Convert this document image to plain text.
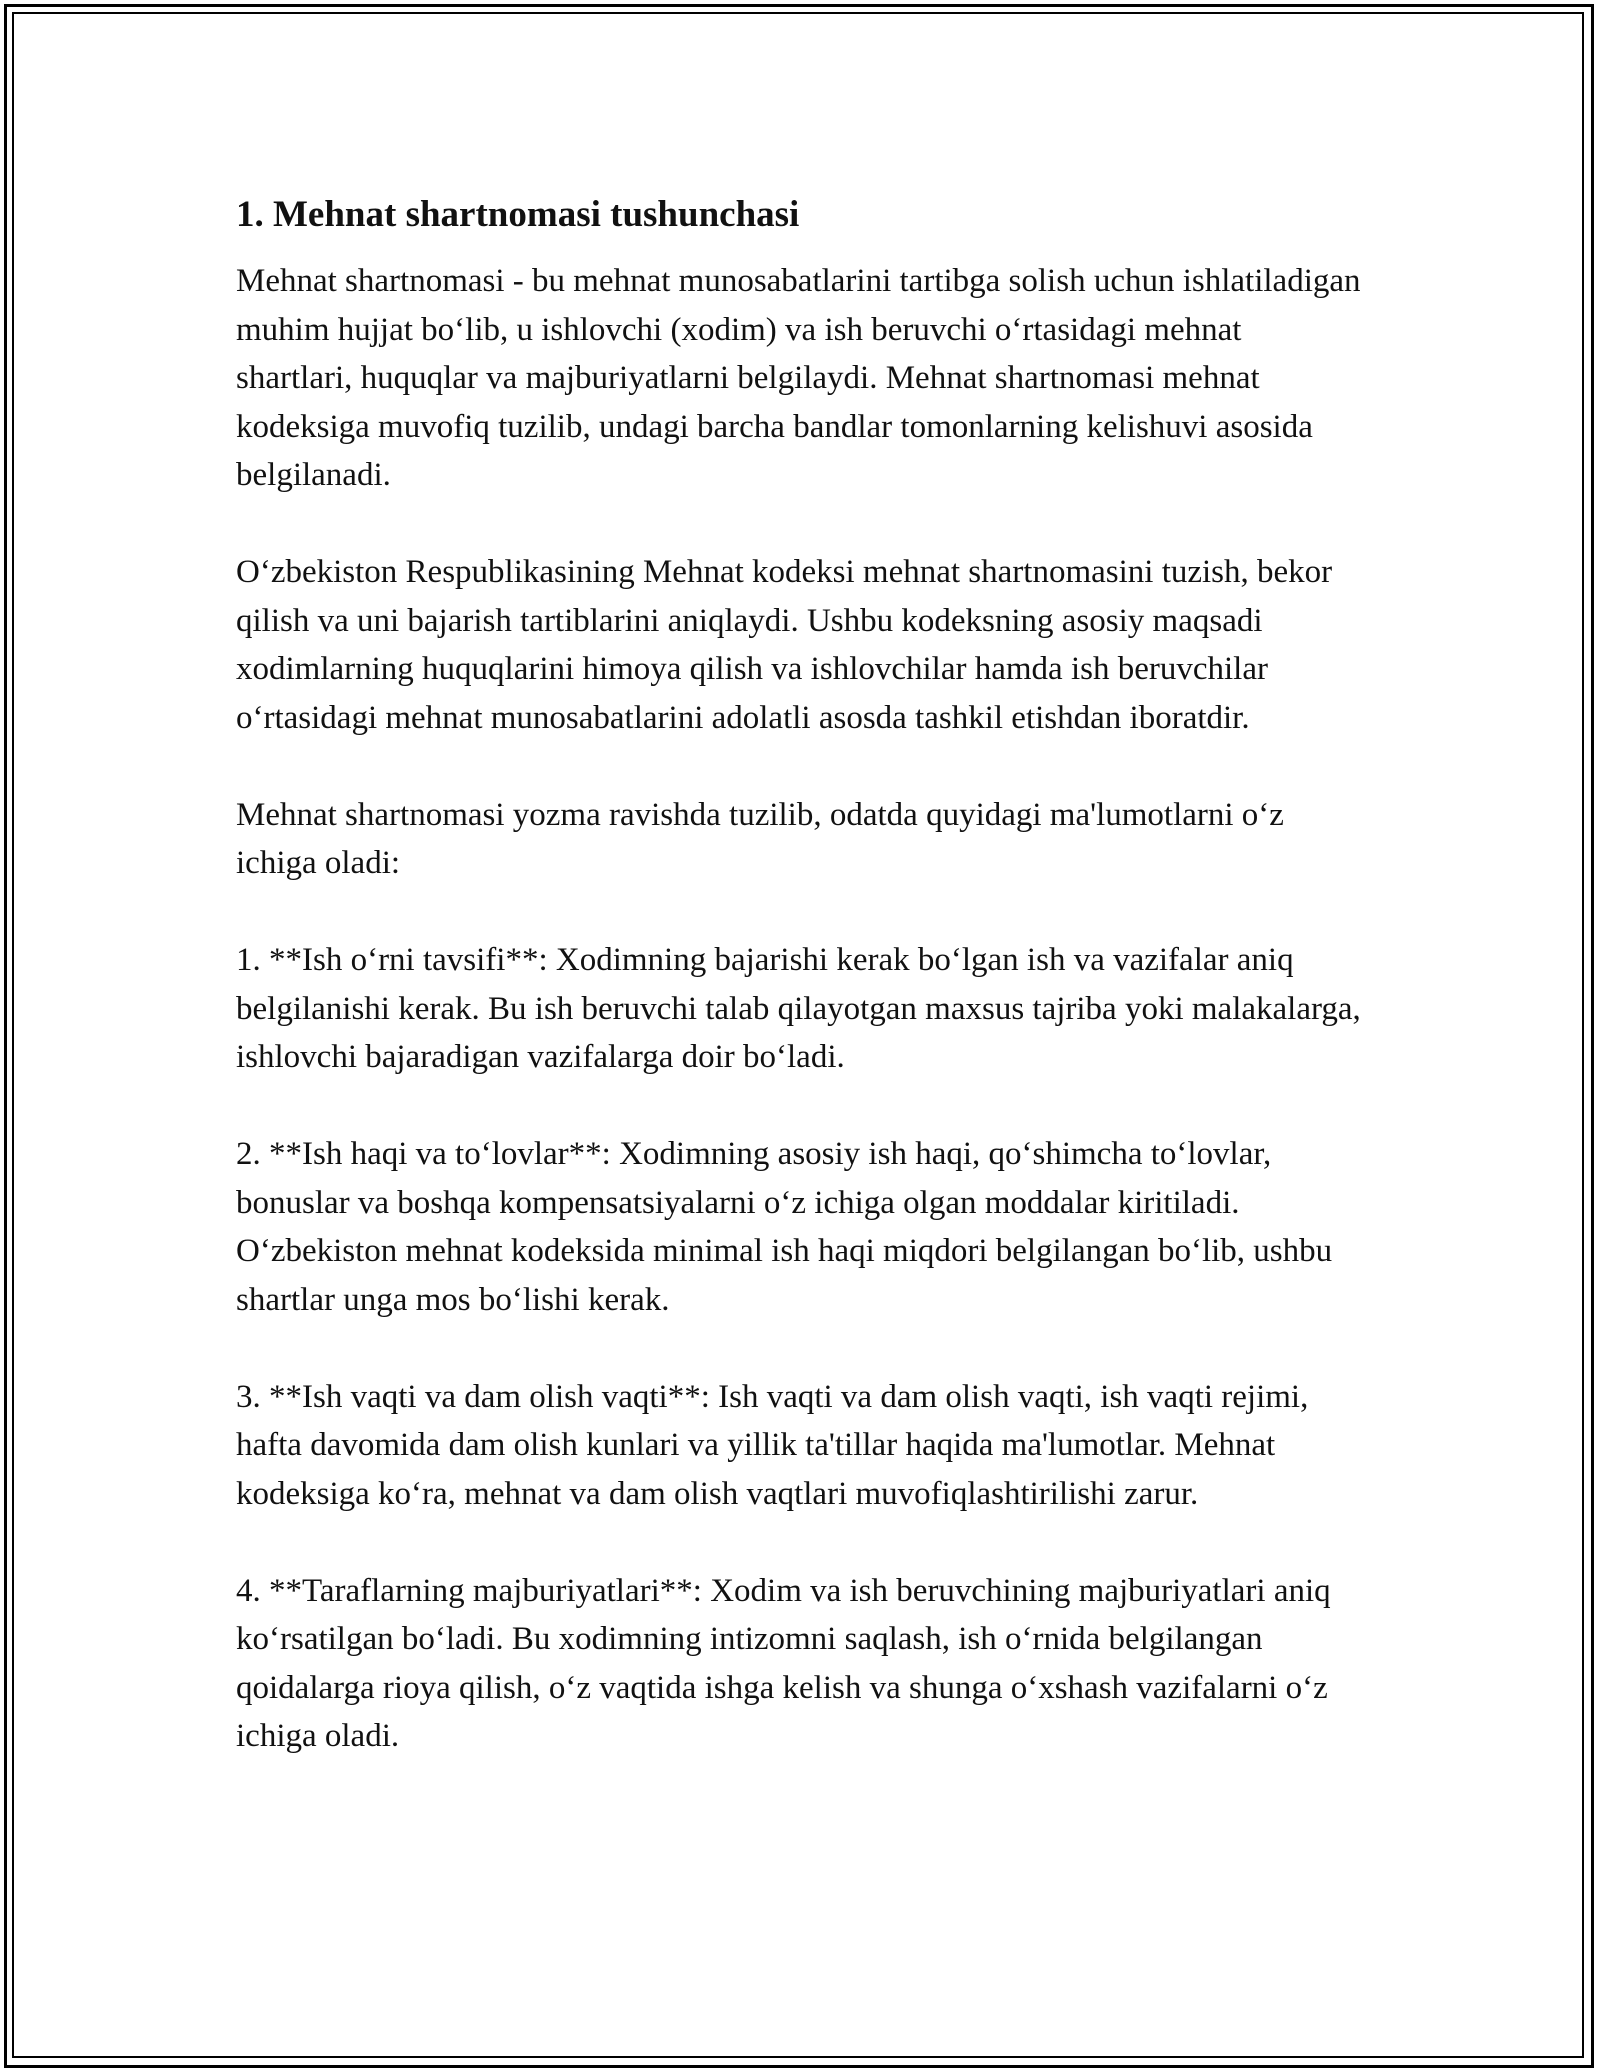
1. Mehnat shartnomasi tushunchasi

Mehnat shartnomasi - bu mehnat munosabatlarini tartibga solish uchun ishlatiladigan muhim hujjat bo‘lib, u ishlovchi (xodim) va ish beruvchi o‘rtasidagi mehnat shartlari, huquqlar va majburiyatlarni belgilaydi. Mehnat shartnomasi mehnat kodeksiga muvofiq tuzilib, undagi barcha bandlar tomonlarning kelishuvi asosida belgilanadi.

O‘zbekiston Respublikasining Mehnat kodeksi mehnat shartnomasini tuzish, bekor qilish va uni bajarish tartiblarini aniqlaydi. Ushbu kodeksning asosiy maqsadi xodimlarning huquqlarini himoya qilish va ishlovchilar hamda ish beruvchilar o‘rtasidagi mehnat munosabatlarini adolatli asosda tashkil etishdan iboratdir.

Mehnat shartnomasi yozma ravishda tuzilib, odatda quyidagi ma'lumotlarni o‘z ichiga oladi:

1. **Ish o‘rni tavsifi**: Xodimning bajarishi kerak bo‘lgan ish va vazifalar aniq belgilanishi kerak. Bu ish beruvchi talab qilayotgan maxsus tajriba yoki malakalarga, ishlovchi bajaradigan vazifalarga doir bo‘ladi.

2. **Ish haqi va to‘lovlar**: Xodimning asosiy ish haqi, qo‘shimcha to‘lovlar, bonuslar va boshqa kompensatsiyalarni o‘z ichiga olgan moddalar kiritiladi. O‘zbekiston mehnat kodeksida minimal ish haqi miqdori belgilangan bo‘lib, ushbu shartlar unga mos bo‘lishi kerak.

3. **Ish vaqti va dam olish vaqti**: Ish vaqti va dam olish vaqti, ish vaqti rejimi, hafta davomida dam olish kunlari va yillik ta'tillar haqida ma'lumotlar. Mehnat kodeksiga ko‘ra, mehnat va dam olish vaqtlari muvofiqlashtirilishi zarur.

4. **Taraflarning majburiyatlari**: Xodim va ish beruvchining majburiyatlari aniq ko‘rsatilgan bo‘ladi. Bu xodimning intizomni saqlash, ish o‘rnida belgilangan qoidalarga rioya qilish, o‘z vaqtida ishga kelish va shunga o‘xshash vazifalarni o‘z ichiga oladi.
